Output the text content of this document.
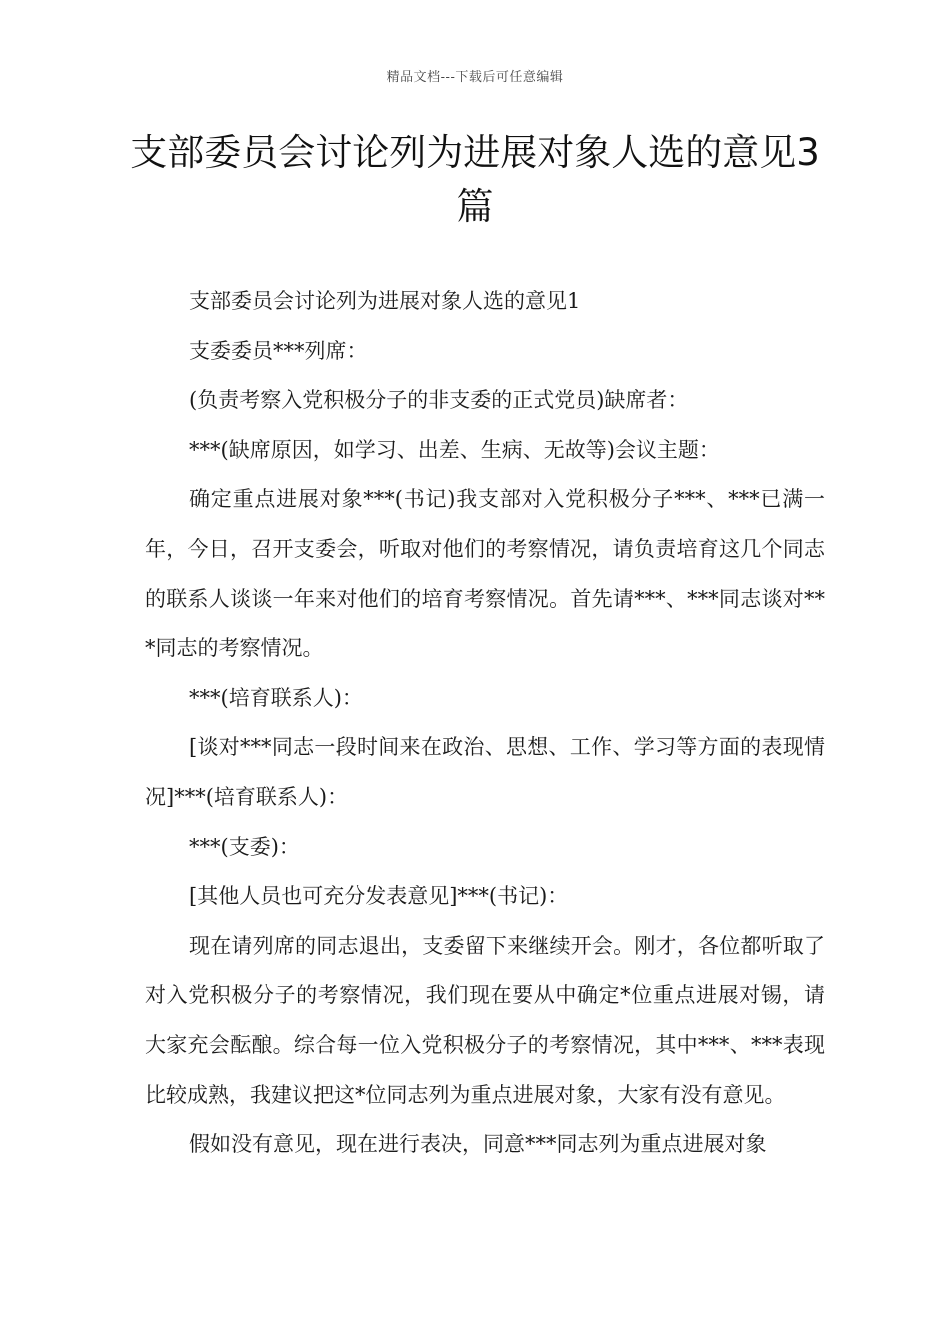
精品文档---下载后可任意编辑
支部委员会讨论列为进展对象人选的意见3篇

支部委员会讨论列为进展对象人选的意见1

支委委员***列席：

(负责考察入党积极分子的非支委的正式党员)缺席者：

***(缺席原因，如学习、出差、生病、无故等)会议主题：

确定重点进展对象***(书记)我支部对入党积极分子***、***已满一年，今日，召开支委会，听取对他们的考察情况，请负责培育这几个同志的联系人谈谈一年来对他们的培育考察情况。首先请***、***同志谈对***同志的考察情况。

***(培育联系人)：

[谈对***同志一段时间来在政治、思想、工作、学习等方面的表现情况]***(培育联系人)：

***(支委)：

[其他人员也可充分发表意见]***(书记)：

现在请列席的同志退出，支委留下来继续开会。刚才，各位都听取了对入党积极分子的考察情况，我们现在要从中确定*位重点进展对锡，请大家充会酝酿。综合每一位入党积极分子的考察情况，其中***、***表现比较成熟，我建议把这*位同志列为重点进展对象，大家有没有意见。

假如没有意见，现在进行表决，同意***同志列为重点进展对象
